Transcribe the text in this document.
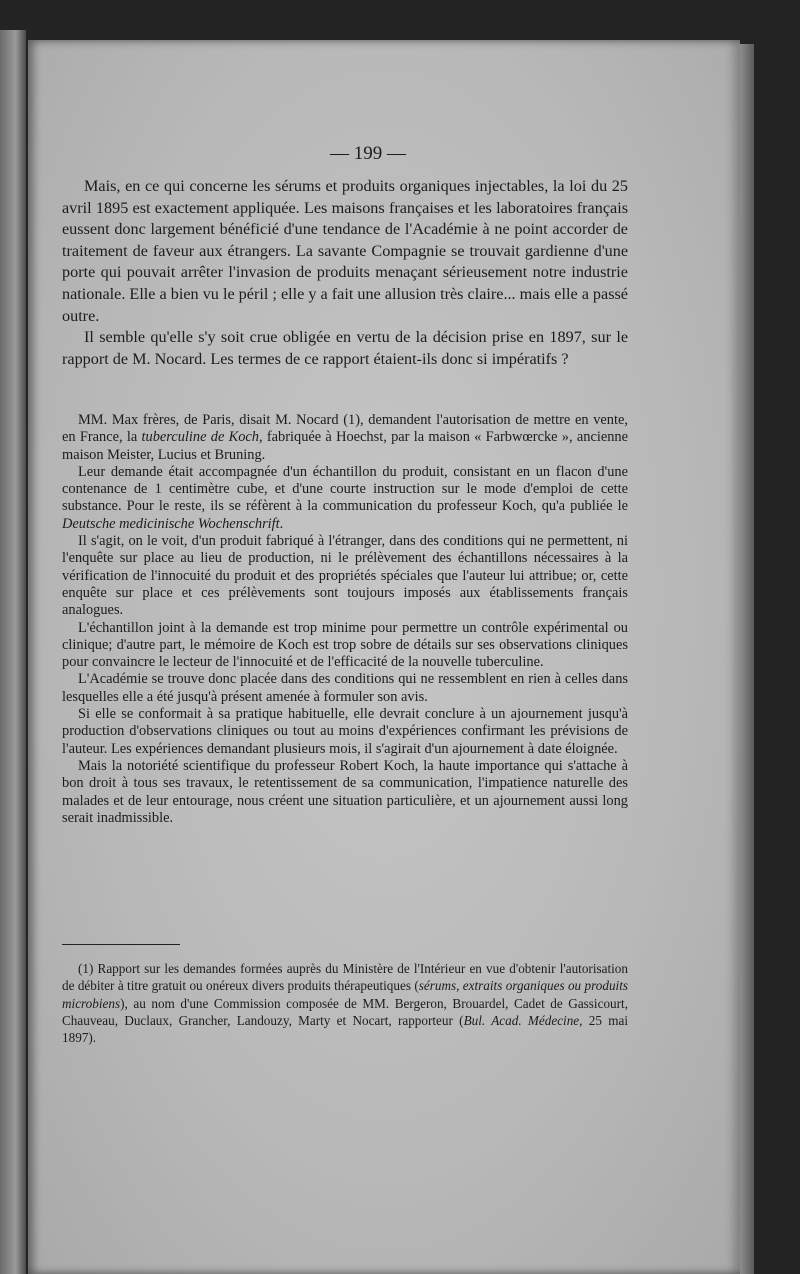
— 199 —

Mais, en ce qui concerne les sérums et produits organiques injectables, la loi du 25 avril 1895 est exactement appliquée. Les maisons françaises et les laboratoires français eussent donc largement bénéficié d'une tendance de l'Académie à ne point accorder de traitement de faveur aux étrangers. La savante Compagnie se trouvait gardienne d'une porte qui pouvait arrêter l'invasion de produits menaçant sérieusement notre industrie nationale. Elle a bien vu le péril ; elle y a fait une allusion très claire... mais elle a passé outre.

Il semble qu'elle s'y soit crue obligée en vertu de la décision prise en 1897, sur le rapport de M. Nocard. Les termes de ce rapport étaient-ils donc si impératifs ?

MM. Max frères, de Paris, disait M. Nocard (1), demandent l'autorisation de mettre en vente, en France, la tuberculine de Koch, fabriquée à Hoechst, par la maison « Farbwœrcke », ancienne maison Meister, Lucius et Bruning.

Leur demande était accompagnée d'un échantillon du produit, consistant en un flacon d'une contenance de 1 centimètre cube, et d'une courte instruction sur le mode d'emploi de cette substance. Pour le reste, ils se réfèrent à la communication du professeur Koch, qu'a publiée le Deutsche medicinische Wochenschrift.

Il s'agit, on le voit, d'un produit fabriqué à l'étranger, dans des conditions qui ne permettent, ni l'enquête sur place au lieu de production, ni le prélèvement des échantillons nécessaires à la vérification de l'innocuité du produit et des propriétés spéciales que l'auteur lui attribue; or, cette enquête sur place et ces prélèvements sont toujours imposés aux établissements français analogues.

L'échantillon joint à la demande est trop minime pour permettre un contrôle expérimental ou clinique; d'autre part, le mémoire de Koch est trop sobre de détails sur ses observations cliniques pour convaincre le lecteur de l'innocuité et de l'efficacité de la nouvelle tuberculine.

L'Académie se trouve donc placée dans des conditions qui ne ressemblent en rien à celles dans lesquelles elle a été jusqu'à présent amenée à formuler son avis.

Si elle se conformait à sa pratique habituelle, elle devrait conclure à un ajournement jusqu'à production d'observations cliniques ou tout au moins d'expériences confirmant les prévisions de l'auteur. Les expériences demandant plusieurs mois, il s'agirait d'un ajournement à date éloignée.

Mais la notoriété scientifique du professeur Robert Koch, la haute importance qui s'attache à bon droit à tous ses travaux, le retentissement de sa communication, l'impatience naturelle des malades et de leur entourage, nous créent une situation particulière, et un ajournement aussi long serait inadmissible.

(1) Rapport sur les demandes formées auprès du Ministère de l'Intérieur en vue d'obtenir l'autorisation de débiter à titre gratuit ou onéreux divers produits thérapeutiques (sérums, extraits organiques ou produits microbiens), au nom d'une Commission composée de MM. Bergeron, Brouardel, Cadet de Gassicourt, Chauveau, Duclaux, Grancher, Landouzy, Marty et Nocart, rapporteur (Bul. Acad. Médecine, 25 mai 1897).
